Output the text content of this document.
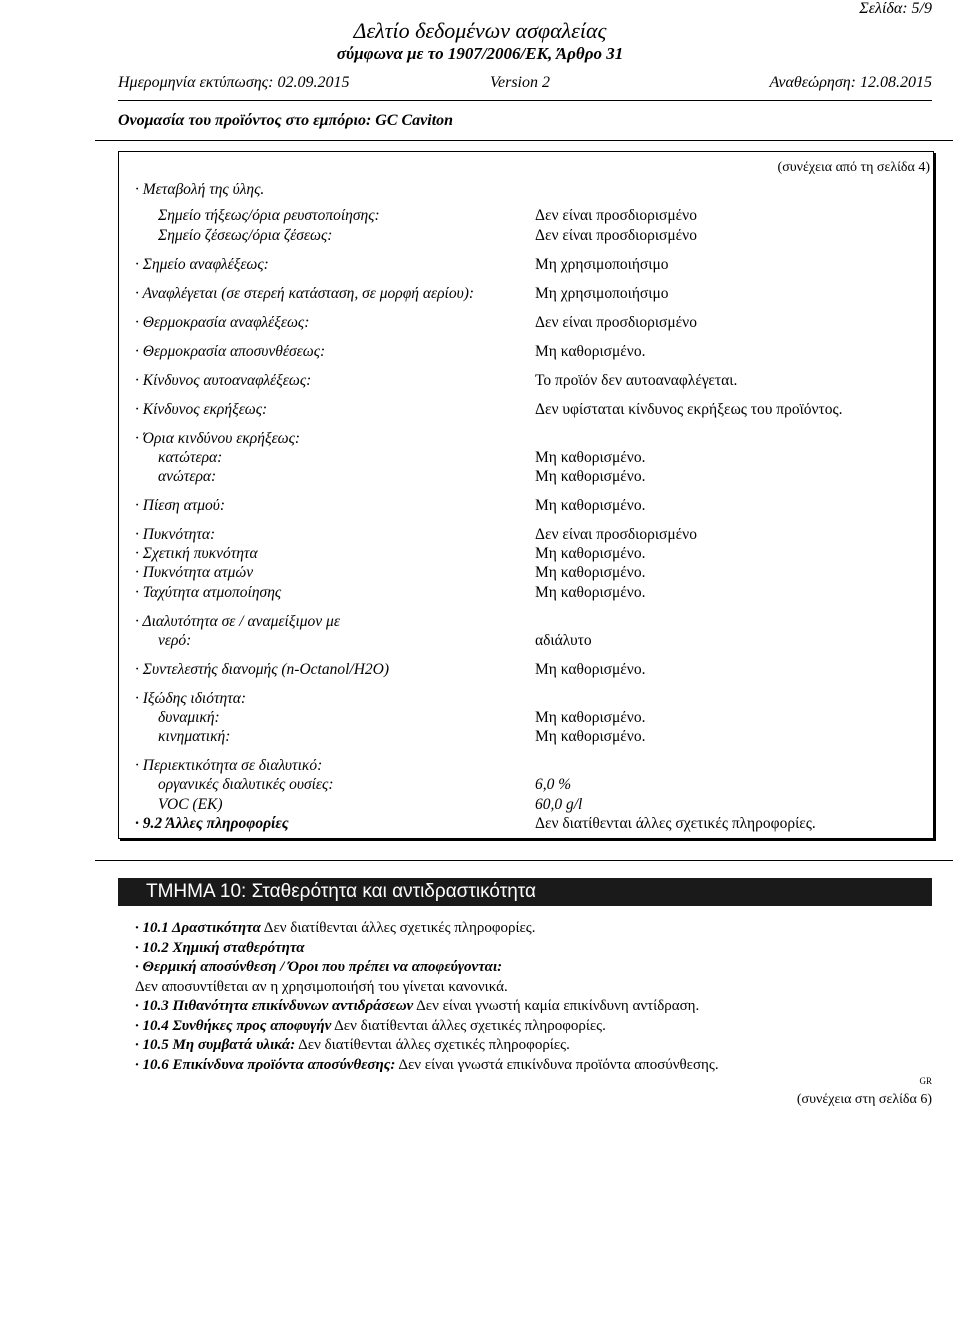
Σελίδα: 5/9
Δελτίο δεδομένων ασφαλείας
σύμφωνα με το 1907/2006/ΕΚ, Άρθρο 31
Ημερομηνία εκτύπωσης: 02.09.2015	Version 2	Αναθεώρηση: 12.08.2015
Ονομασία του προϊόντος στο εμπόριο: GC Caviton
(συνέχεια από τη σελίδα 4)
· Μεταβολή της ύλης.
Σημείο τήξεως/όρια ρευστοποίησης:	Δεν είναι προσδιορισμένο
Σημείο ζέσεως/όρια ζέσεως:	Δεν είναι προσδιορισμένο
· Σημείο αναφλέξεως:	Μη χρησιμοποιήσιμο
· Αναφλέγεται (σε στερεή κατάσταση, σε μορφή αερίου):	Μη χρησιμοποιήσιμο
· Θερμοκρασία αναφλέξεως:	Δεν είναι προσδιορισμένο
· Θερμοκρασία αποσυνθέσεως:	Μη καθορισμένο.
· Κίνδυνος αυτοαναφλέξεως:	Το προϊόν δεν αυτοαναφλέγεται.
· Κίνδυνος εκρήξεως:	Δεν υφίσταται κίνδυνος εκρήξεως του προϊόντος.
· Όρια κινδύνου εκρήξεως:
κατώτερα:	Μη καθορισμένο.
ανώτερα:	Μη καθορισμένο.
· Πίεση ατμού:	Μη καθορισμένο.
· Πυκνότητα:	Δεν είναι προσδιορισμένο
· Σχετική πυκνότητα	Μη καθορισμένο.
· Πυκνότητα ατμών	Μη καθορισμένο.
· Ταχύτητα ατμοποίησης	Μη καθορισμένο.
· Διαλυτότητα σε / αναμείξιμον με
νερό:	αδιάλυτο
· Συντελεστής διανομής (n-Octanol/H2O)	Μη καθορισμένο.
· Ιξώδης ιδιότητα:
δυναμική:	Μη καθορισμένο.
κινηματική:	Μη καθορισμένο.
· Περιεκτικότητα σε διαλυτικό:
οργανικές διαλυτικές ουσίες:	6,0 %
VOC (ΕΚ)	60,0 g/l
· 9.2 Άλλες πληροφορίες	Δεν διατίθενται άλλες σχετικές πληροφορίες.
ΤΜΗΜΑ 10: Σταθερότητα και αντιδραστικότητα
· 10.1 Δραστικότητα Δεν διατίθενται άλλες σχετικές πληροφορίες.
· 10.2 Χημική σταθερότητα
· Θερμική αποσύνθεση / Όροι που πρέπει να αποφεύγονται:
Δεν αποσυντίθεται αν η χρησιμοποιήσή του γίνεται κανονικά.
· 10.3 Πιθανότητα επικίνδυνων αντιδράσεων Δεν είναι γνωστή καμία επικίνδυνη αντίδραση.
· 10.4 Συνθήκες προς αποφυγήν Δεν διατίθενται άλλες σχετικές πληροφορίες.
· 10.5 Μη συμβατά υλικά: Δεν διατίθενται άλλες σχετικές πληροφορίες.
· 10.6 Επικίνδυνα προϊόντα αποσύνθεσης: Δεν είναι γνωστά επικίνδυνα προϊόντα αποσύνθεσης.
GR
(συνέχεια στη σελίδα 6)
